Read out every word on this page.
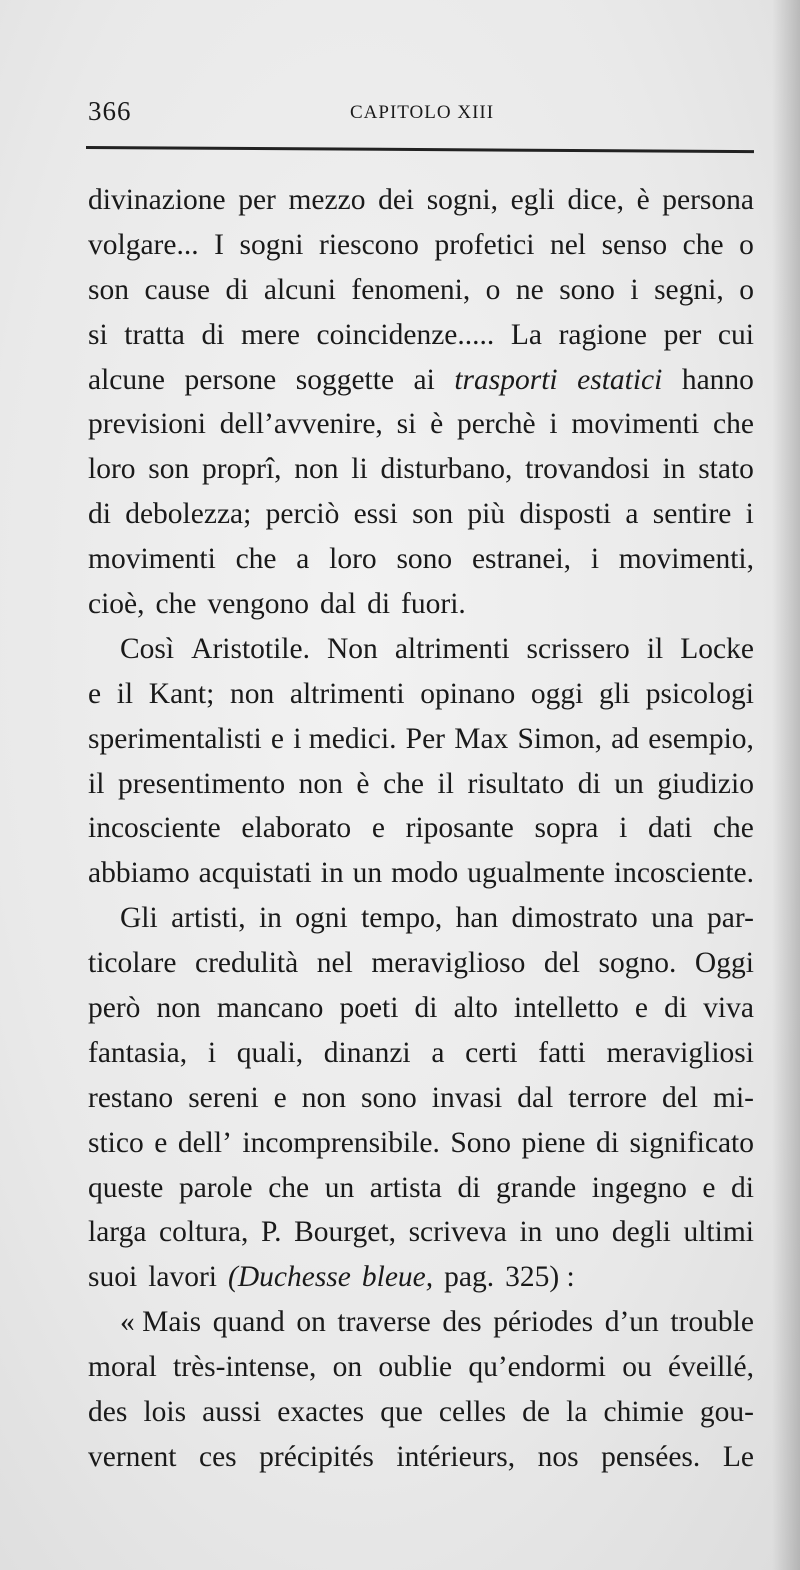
366	CAPITOLO XIII
divinazione per mezzo dei sogni, egli dice, è persona
volgare... I sogni riescono profetici nel senso che o
son cause di alcuni fenomeni, o ne sono i segni, o
si tratta di mere coincidenze..... La ragione per cui
alcune persone soggette ai trasporti estatici hanno
previsioni dell’avvenire, si è perchè i movimenti che
loro son proprî, non li disturbano, trovandosi in stato
di debolezza; perciò essi son più disposti a sentire i
movimenti che a loro sono estranei, i movimenti,
cioè, che vengono dal di fuori.
Così Aristotile. Non altrimenti scrissero il Locke
e il Kant; non altrimenti opinano oggi gli psicologi
sperimentalisti e i medici. Per Max Simon, ad esempio,
il presentimento non è che il risultato di un giudizio
incosciente elaborato e riposante sopra i dati che
abbiamo acquistati in un modo ugualmente incosciente.
Gli artisti, in ogni tempo, han dimostrato una par-
ticolare credulità nel meraviglioso del sogno. Oggi
però non mancano poeti di alto intelletto e di viva
fantasia, i quali, dinanzi a certi fatti meravigliosi
restano sereni e non sono invasi dal terrore del mi-
stico e dell’ incomprensibile. Sono piene di significato
queste parole che un artista di grande ingegno e di
larga coltura, P. Bourget, scriveva in uno degli ultimi
suoi lavori (Duchesse bleue, pag. 325) :
« Mais quand on traverse des périodes d’un trouble
moral très-intense, on oublie qu’endormi ou éveillé,
des lois aussi exactes que celles de la chimie gou-
vernent ces précipités intérieurs, nos pensées. Le
